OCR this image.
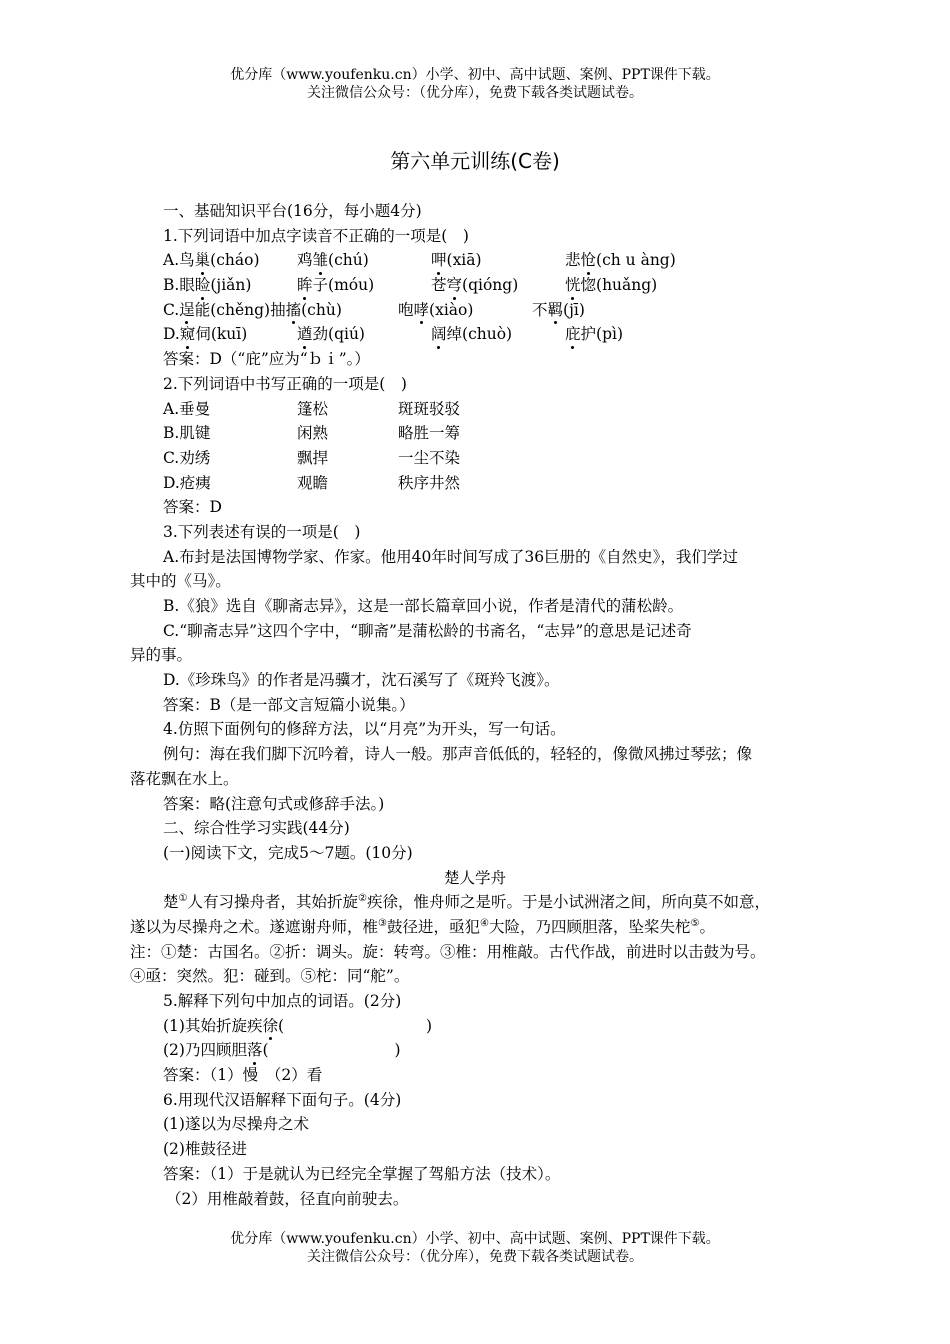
优分库（www.youfenku.cn）小学、初中、高中试题、案例、PPT课件下载。
关注微信公众号：（优分库），免费下载各类试题试卷。
第六单元训练(C卷)
一、基础知识平台(16分，每小题4分)
1.下列词语中加点字读音不正确的一项是(　)
A.鸟巢(cháo)	鸡雏(chú)	呷(xiā)	悲怆(ch u àng)
B.眼睑(jiǎn)	眸子(móu)	苍穹(qióng)	恍惚(huǎng)
C.逞能(chěng)抽搐(chù)	咆哮(xiào)	不羁(jī)
D.窥伺(kuī)	遒劲(qiú)	阔绰(chuò)	庇护(pì)
答案：D（“庇”应为“ｂｉ”。）
2.下列词语中书写正确的一项是(　)
A.垂曼	篷松	斑斑驳驳
B.肌键	闲熟	略胜一筹
C.劝绣	飘捍	一尘不染
D.疮痍	观瞻	秩序井然
答案：D
3.下列表述有误的一项是(　)
A.布封是法国博物学家、作家。他用40年时间写成了36巨册的《自然史》，我们学过
其中的《马》。
B.《狼》选自《聊斋志异》，这是一部长篇章回小说，作者是清代的蒲松龄。
C.“聊斋志异”这四个字中，“聊斋”是蒲松龄的书斋名，“志异”的意思是记述奇
异的事。
D.《珍珠鸟》的作者是冯骥才，沈石溪写了《斑羚飞渡》。
答案：B（是一部文言短篇小说集。）
4.仿照下面例句的修辞方法，以“月亮”为开头，写一句话。
例句：海在我们脚下沉吟着，诗人一般。那声音低低的，轻轻的，像微风拂过琴弦；像
落花飘在水上。
答案：略(注意句式或修辞手法。)
二、综合性学习实践(44分)
(一)阅读下文，完成5～7题。(10分)
楚人学舟
楚①人有习操舟者，其始折旋②疾徐，惟舟师之是听。于是小试洲渚之间，所向莫不如意，
遂以为尽操舟之术。遂遮谢舟师，椎③鼓径进，亟犯④大险，乃四顾胆落，坠桨失柁⑤。
注：①楚：古国名。②折：调头。旋：转弯。③椎：用椎敲。古代作战，前进时以击鼓为号。
④亟：突然。犯：碰到。⑤柁：同“舵”。
5.解释下列句中加点的词语。(2分)
(1)其始折旋疾徐(	)
(2)乃四顾胆落(	)
答案：（1）慢　（2）看
6.用现代汉语解释下面句子。(4分)
(1)遂以为尽操舟之术
(2)椎鼓径进
答案：（1）于是就认为已经完全掌握了驾船方法（技术）。
（2）用椎敲着鼓，径直向前驶去。
优分库（www.youfenku.cn）小学、初中、高中试题、案例、PPT课件下载。
关注微信公众号：（优分库），免费下载各类试题试卷。
